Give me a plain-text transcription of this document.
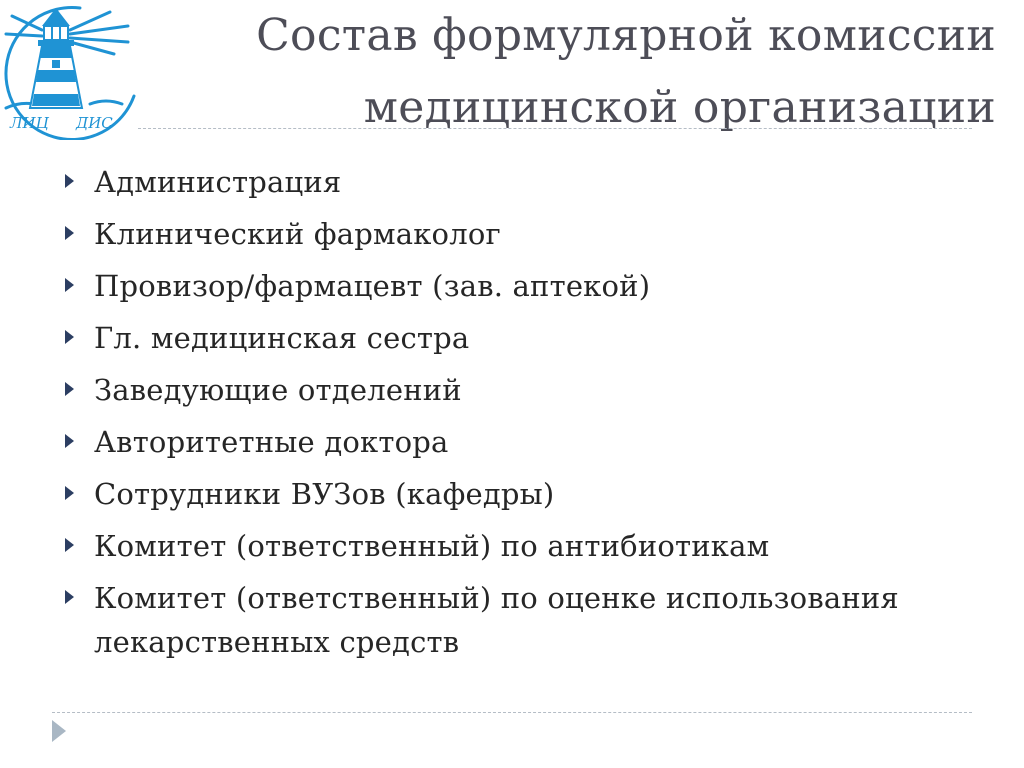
ЛИЦ ДИС
Состав формулярной комиссии
медицинской организации
Администрация
Клинический фармаколог
Провизор/фармацевт (зав. аптекой)
Гл. медицинская сестра
Заведующие отделений
Авторитетные доктора
Сотрудники ВУЗов (кафедры)
Комитет (ответственный) по антибиотикам
Комитет (ответственный) по оценке использования лекарственных средств
